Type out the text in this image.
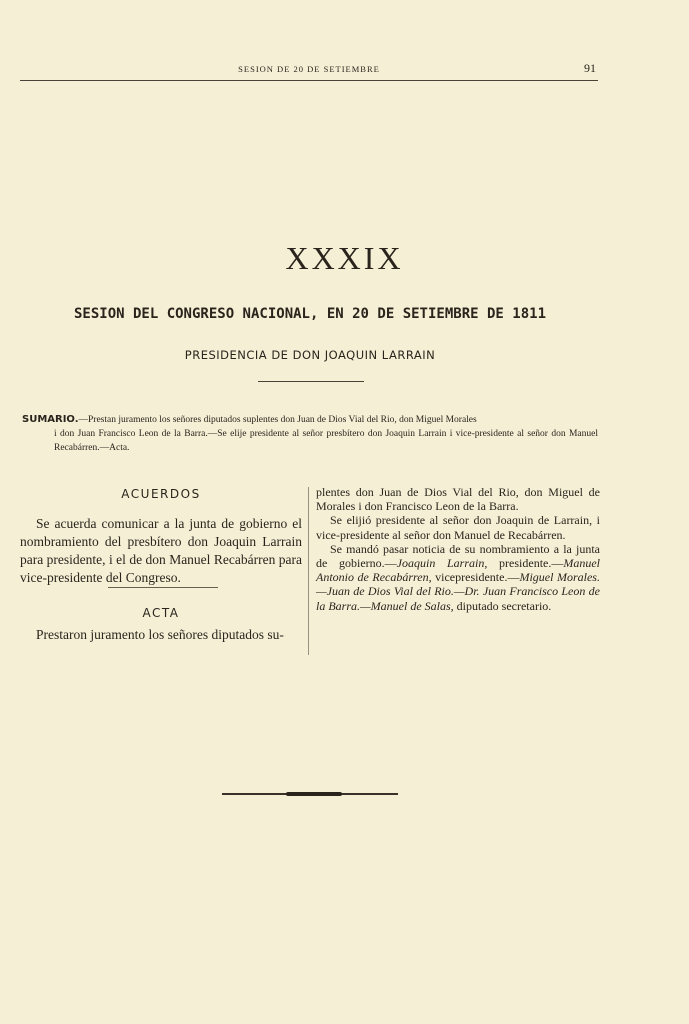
SESION DE 20 DE SETIEMBRE	91
XXXIX
SESION DEL CONGRESO NACIONAL, EN 20 DE SETIEMBRE DE 1811
PRESIDENCIA DE DON JOAQUIN LARRAIN
SUMARIO.—Prestan juramento los señores diputados suplentes don Juan de Dios Vial del Rio, don Miguel Morales
i don Juan Francisco Leon de la Barra.—Se elije presidente al señor presbítero don Joaquin Larrain i vice-presidente al señor don Manuel Recabárren.—Acta.

ACUERDOS

Se acuerda comunicar a la junta de gobierno el nombramiento del presbítero don Joaquin Larrain para presidente, i el de don Manuel Recabárren para vice-presidente del Congreso.

ACTA

Prestaron juramento los señores diputados su-

plentes don Juan de Dios Vial del Rio, don Miguel de Morales i don Francisco Leon de la Barra.

Se elijió presidente al señor don Joaquin de Larrain, i vice-presidente al señor don Manuel de Recabárren.

Se mandó pasar noticia de su nombramiento a la junta de gobierno.—Joaquin Larrain, presidente.—Manuel Antonio de Recabárren, vicepresidente.—Miguel Morales.—Juan de Dios Vial del Rio.—Dr. Juan Francisco Leon de la Barra.—Manuel de Salas, diputado secretario.
